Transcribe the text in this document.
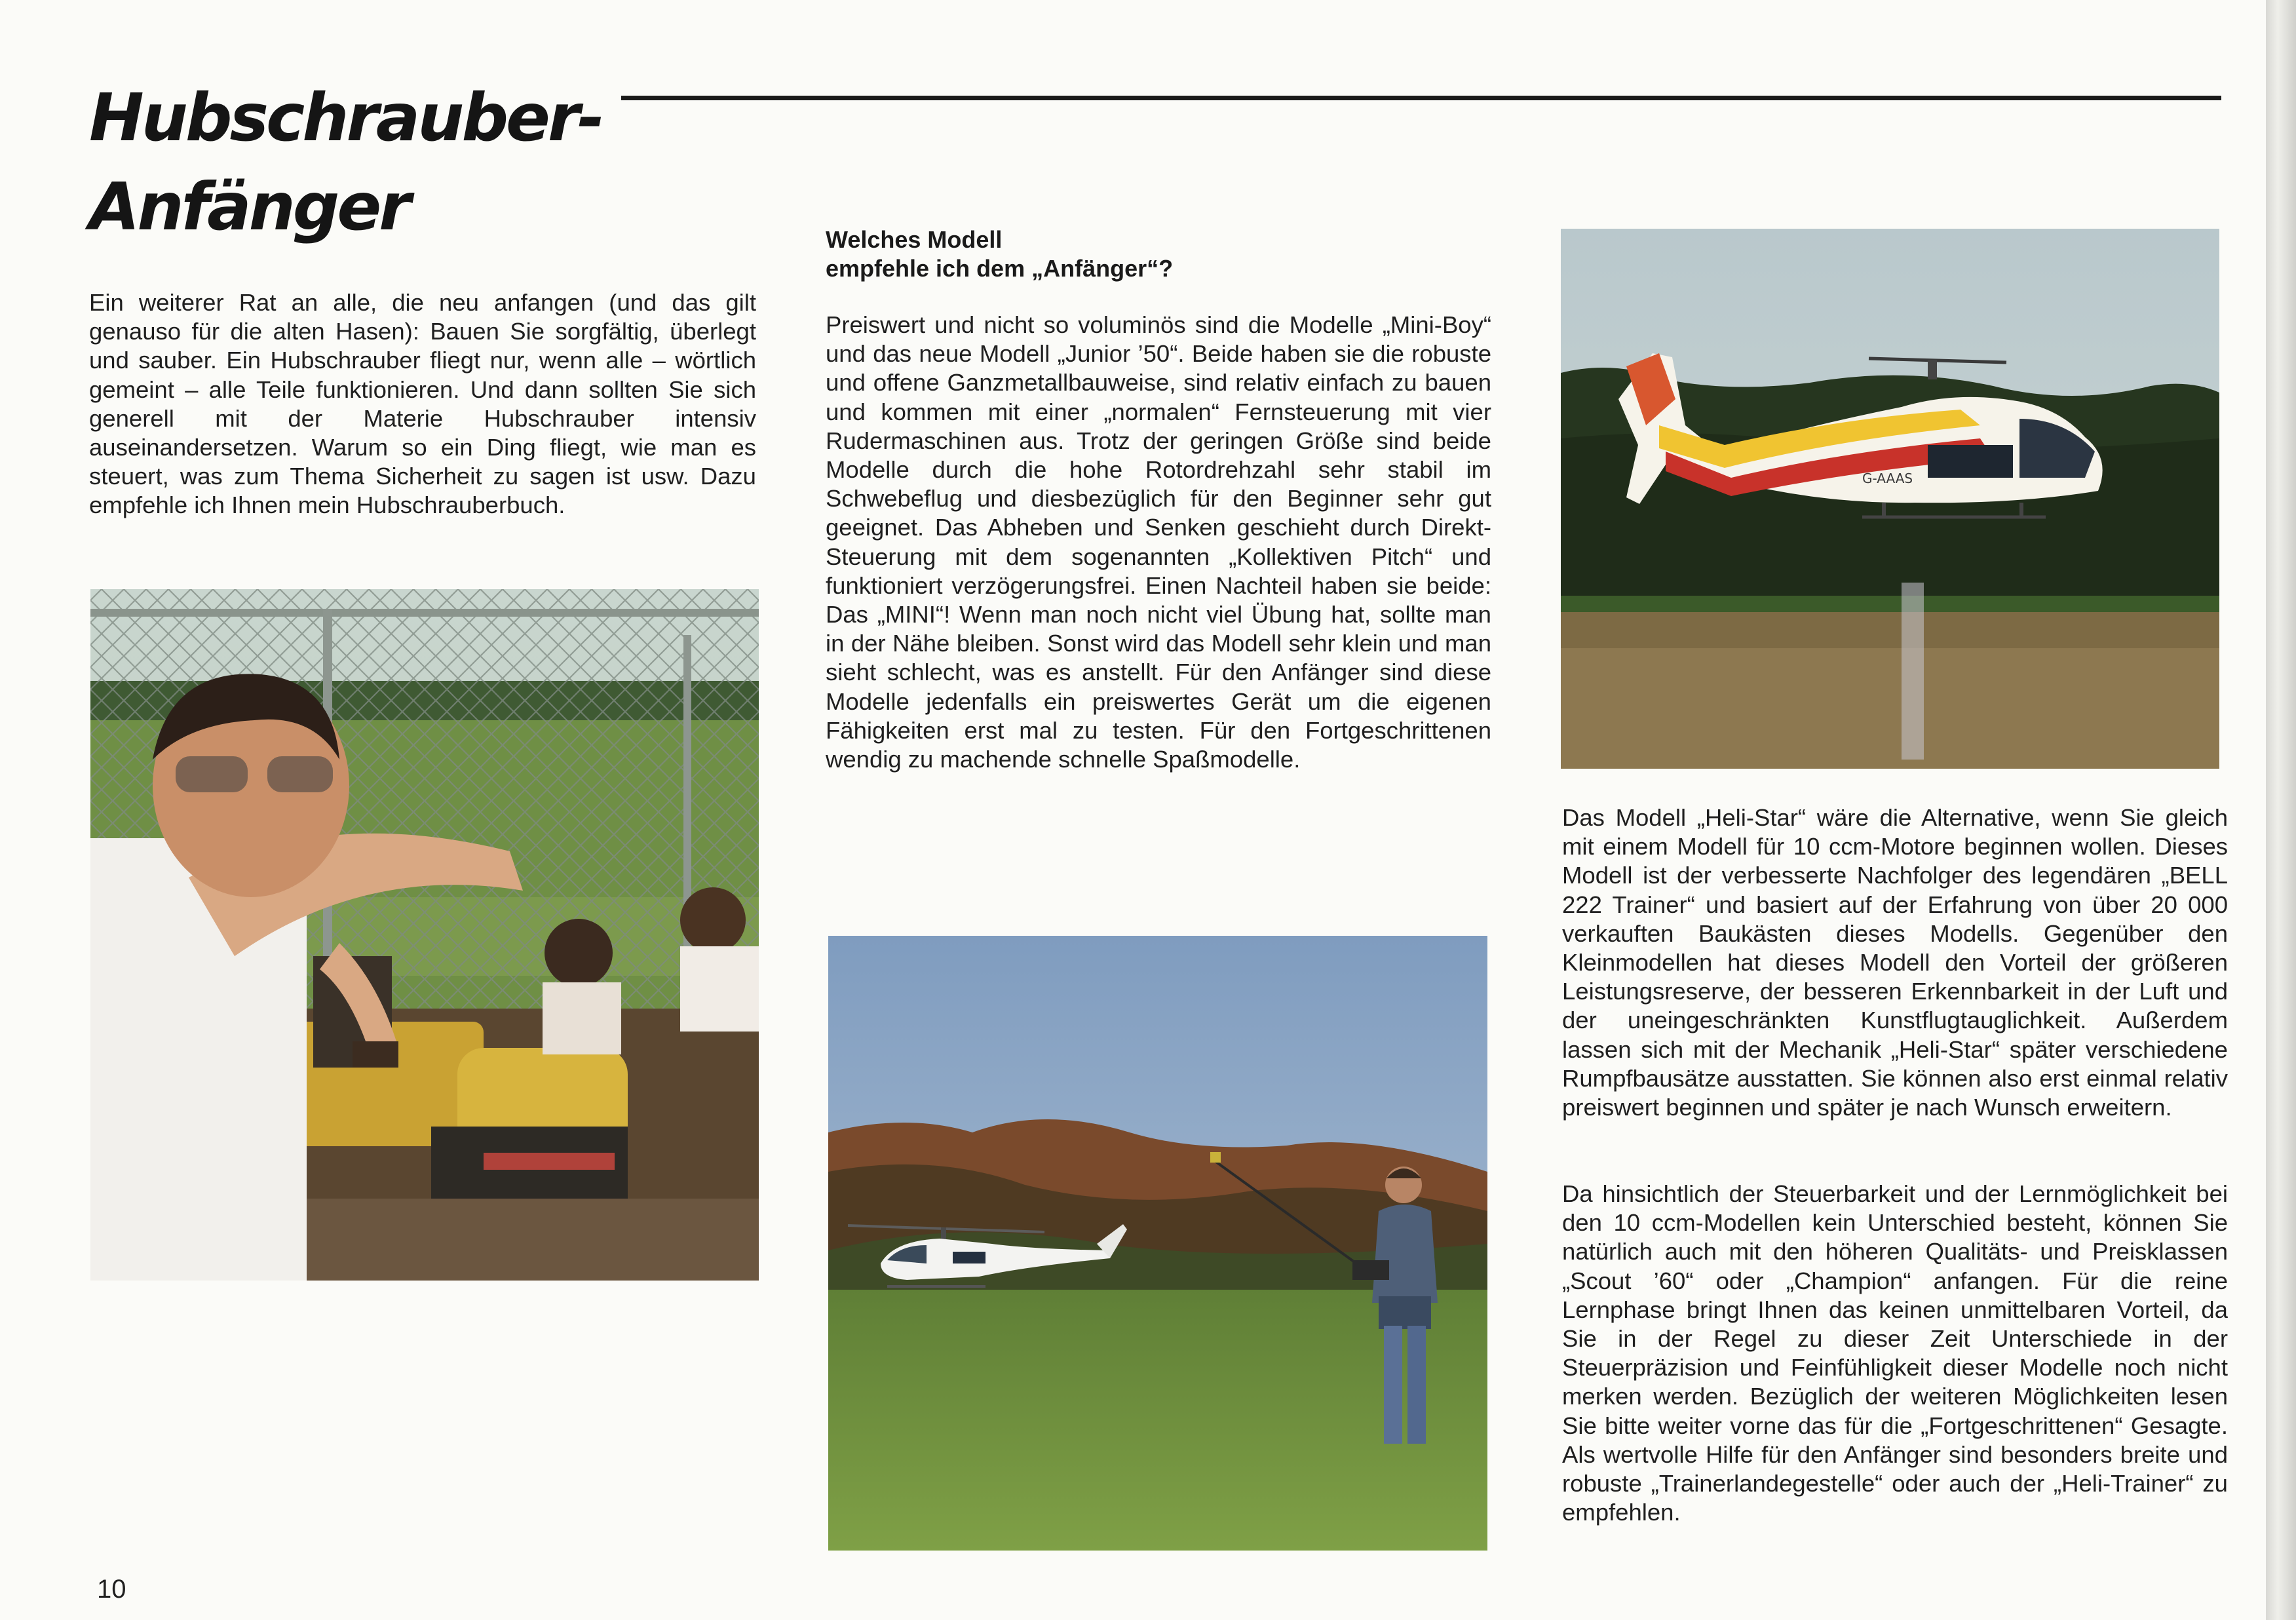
Hubschrauber-
Anfänger

Ein weiterer Rat an alle, die neu anfangen (und das gilt genauso für die alten Hasen): Bauen Sie sorgfältig, überlegt und sauber. Ein Hubschrauber fliegt nur, wenn alle – wörtlich gemeint – alle Teile funktionieren. Und dann sollten Sie sich generell mit der Materie Hubschrauber intensiv auseinandersetzen. Warum so ein Ding fliegt, wie man es steuert, was zum Thema Sicherheit zu sagen ist usw. Dazu empfehle ich Ihnen mein Hubschrauberbuch.

Welches Modell
empfehle ich dem „Anfänger“?

Preiswert und nicht so voluminös sind die Modelle „Mini-Boy“ und das neue Modell „Junior ’50“. Beide haben sie die robuste und offene Ganzmetallbauweise, sind relativ einfach zu bauen und kommen mit einer „normalen“ Fernsteuerung mit vier Rudermaschinen aus. Trotz der geringen Größe sind beide Modelle durch die hohe Rotordrehzahl sehr stabil im Schwebeflug und diesbezüglich für den Beginner sehr gut geeignet. Das Abheben und Senken geschieht durch Direkt-Steuerung mit dem sogenannten „Kollektiven Pitch“ und funktioniert verzögerungsfrei. Einen Nachteil haben sie beide: Das „MINI“! Wenn man noch nicht viel Übung hat, sollte man in der Nähe bleiben. Sonst wird das Modell sehr klein und man sieht schlecht, was es anstellt. Für den Anfänger sind diese Modelle jedenfalls ein preiswertes Gerät um die eigenen Fähigkeiten erst mal zu testen. Für den Fortgeschrittenen wendig zu machende schnelle Spaßmodelle.

G-AAAS

Das Modell „Heli-Star“ wäre die Alternative, wenn Sie gleich mit einem Modell für 10 ccm-Motore beginnen wollen. Dieses Modell ist der verbesserte Nachfolger des legendären „BELL 222 Trainer“ und basiert auf der Erfahrung von über 20 000 verkauften Baukästen dieses Modells. Gegenüber den Kleinmodellen hat dieses Modell den Vorteil der größeren Leistungsreserve, der besseren Erkennbarkeit in der Luft und der uneingeschränkten Kunstflugtauglichkeit. Außerdem lassen sich mit der Mechanik „Heli-Star“ später verschiedene Rumpfbausätze ausstatten. Sie können also erst einmal relativ preiswert beginnen und später je nach Wunsch erweitern.

Da hinsichtlich der Steuerbarkeit und der Lernmöglichkeit bei den 10 ccm-Modellen kein Unterschied besteht, können Sie natürlich auch mit den höheren Qualitäts- und Preisklassen „Scout ’60“ oder „Champion“ anfangen. Für die reine Lernphase bringt Ihnen das keinen unmittelbaren Vorteil, da Sie in der Regel zu dieser Zeit Unterschiede in der Steuerpräzision und Feinfühligkeit dieser Modelle noch nicht merken werden. Bezüglich der weiteren Möglichkeiten lesen Sie bitte weiter vorne das für die „Fortgeschrittenen“ Gesagte. Als wertvolle Hilfe für den Anfänger sind besonders breite und robuste „Trainerlandegestelle“ oder auch der „Heli-Trainer“ zu empfehlen.

10
